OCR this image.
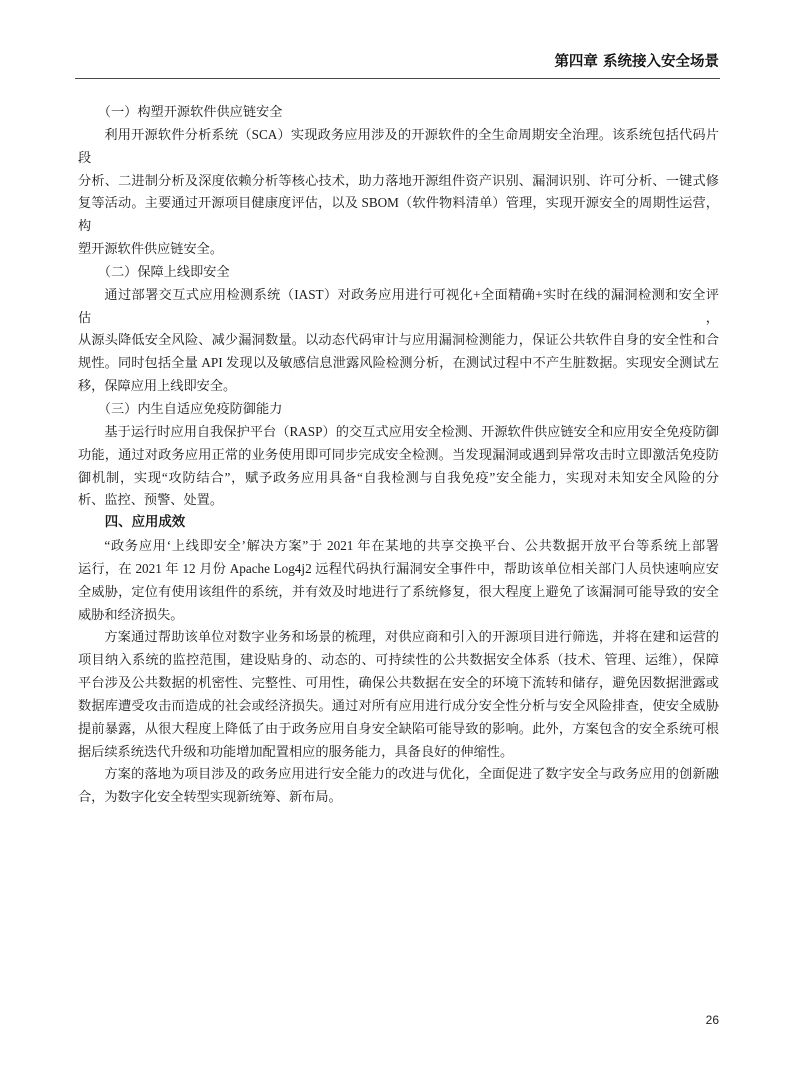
第四章 系统接入安全场景
（一）构塑开源软件供应链安全
利用开源软件分析系统（SCA）实现政务应用涉及的开源软件的全生命周期安全治理。该系统包括代码片段
分析、二进制分析及深度依赖分析等核心技术，助力落地开源组件资产识别、漏洞识别、许可分析、一键式修
复等活动。主要通过开源项目健康度评估，以及 SBOM（软件物料清单）管理，实现开源安全的周期性运营，构
塑开源软件供应链安全。
（二）保障上线即安全
通过部署交互式应用检测系统（IAST）对政务应用进行可视化+全面精确+实时在线的漏洞检测和安全评估，
从源头降低安全风险、减少漏洞数量。以动态代码审计与应用漏洞检测能力，保证公共软件自身的安全性和合
规性。同时包括全量 API 发现以及敏感信息泄露风险检测分析，在测试过程中不产生脏数据。实现安全测试左
移，保障应用上线即安全。
（三）内生自适应免疫防御能力
基于运行时应用自我保护平台（RASP）的交互式应用安全检测、开源软件供应链安全和应用安全免疫防御
功能，通过对政务应用正常的业务使用即可同步完成安全检测。当发现漏洞或遇到异常攻击时立即激活免疫防
御机制，实现“攻防结合”，赋予政务应用具备“自我检测与自我免疫”安全能力，实现对未知安全风险的分
析、监控、预警、处置。
四、应用成效
“政务应用‘上线即安全’解决方案”于 2021 年在某地的共享交换平台、公共数据开放平台等系统上部署
运行，在 2021 年 12 月份 Apache Log4j2 远程代码执行漏洞安全事件中，帮助该单位相关部门人员快速响应安
全威胁，定位有使用该组件的系统，并有效及时地进行了系统修复，很大程度上避免了该漏洞可能导致的安全
威胁和经济损失。
方案通过帮助该单位对数字业务和场景的梳理，对供应商和引入的开源项目进行筛选，并将在建和运营的
项目纳入系统的监控范围，建设贴身的、动态的、可持续性的公共数据安全体系（技术、管理、运维），保障
平台涉及公共数据的机密性、完整性、可用性，确保公共数据在安全的环境下流转和储存，避免因数据泄露或
数据库遭受攻击而造成的社会或经济损失。通过对所有应用进行成分安全性分析与安全风险排查，使安全威胁
提前暴露，从很大程度上降低了由于政务应用自身安全缺陷可能导致的影响。此外，方案包含的安全系统可根
据后续系统迭代升级和功能增加配置相应的服务能力，具备良好的伸缩性。
方案的落地为项目涉及的政务应用进行安全能力的改进与优化，全面促进了数字安全与政务应用的创新融
合，为数字化安全转型实现新统筹、新布局。
26
